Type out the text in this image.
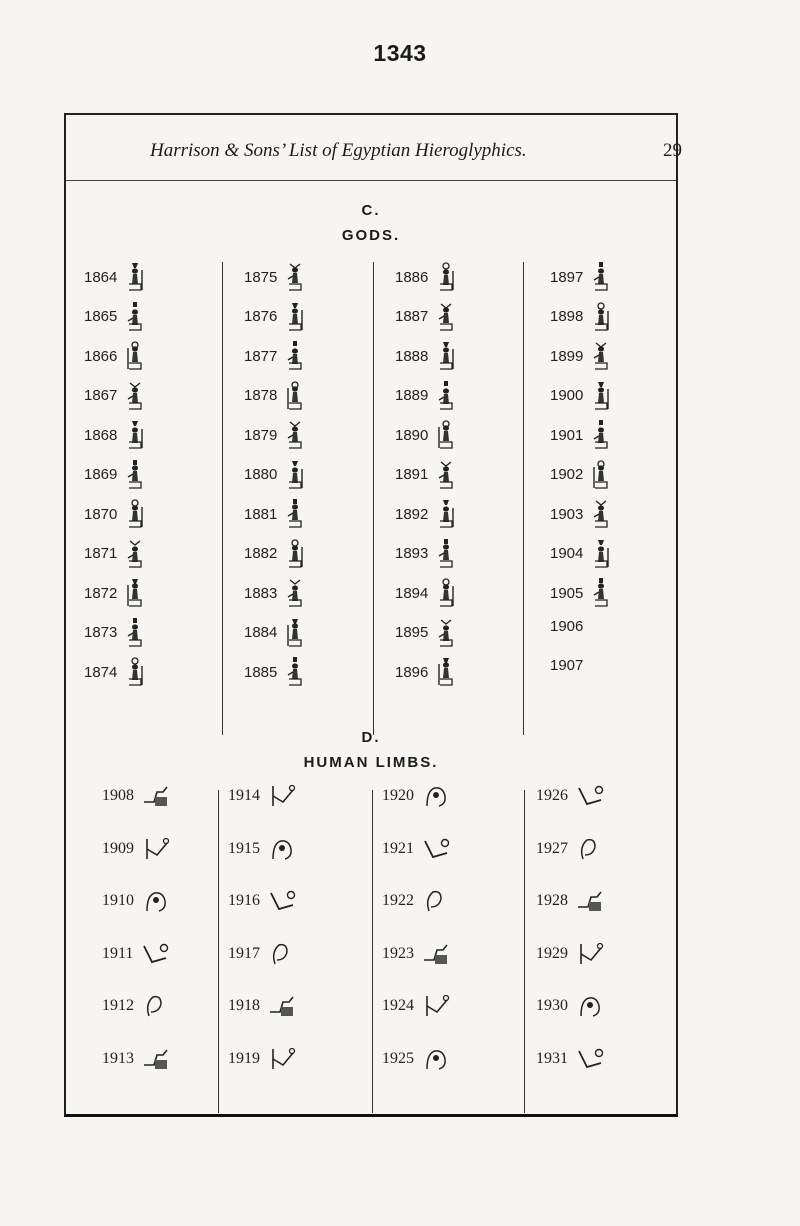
1343
Harrison & Sons’ List of Egyptian Hieroglyphics.	29
C.
GODS.
D.
HUMAN LIMBS.
1864
1865
1866
1867
1868
1869
1870
1871
1872
1873
1874
1875
1876
1877
1878
1879
1880
1881
1882
1883
1884
1885
1886
1887
1888
1889
1890
1891
1892
1893
1894
1895
1896
1897
1898
1899
1900
1901
1902
1903
1904
1905
1906
1907
1908
1909
1910
1911
1912
1913
1914
1915
1916
1917
1918
1919
1920
1921
1922
1923
1924
1925
1926
1927
1928
1929
1930
1931
